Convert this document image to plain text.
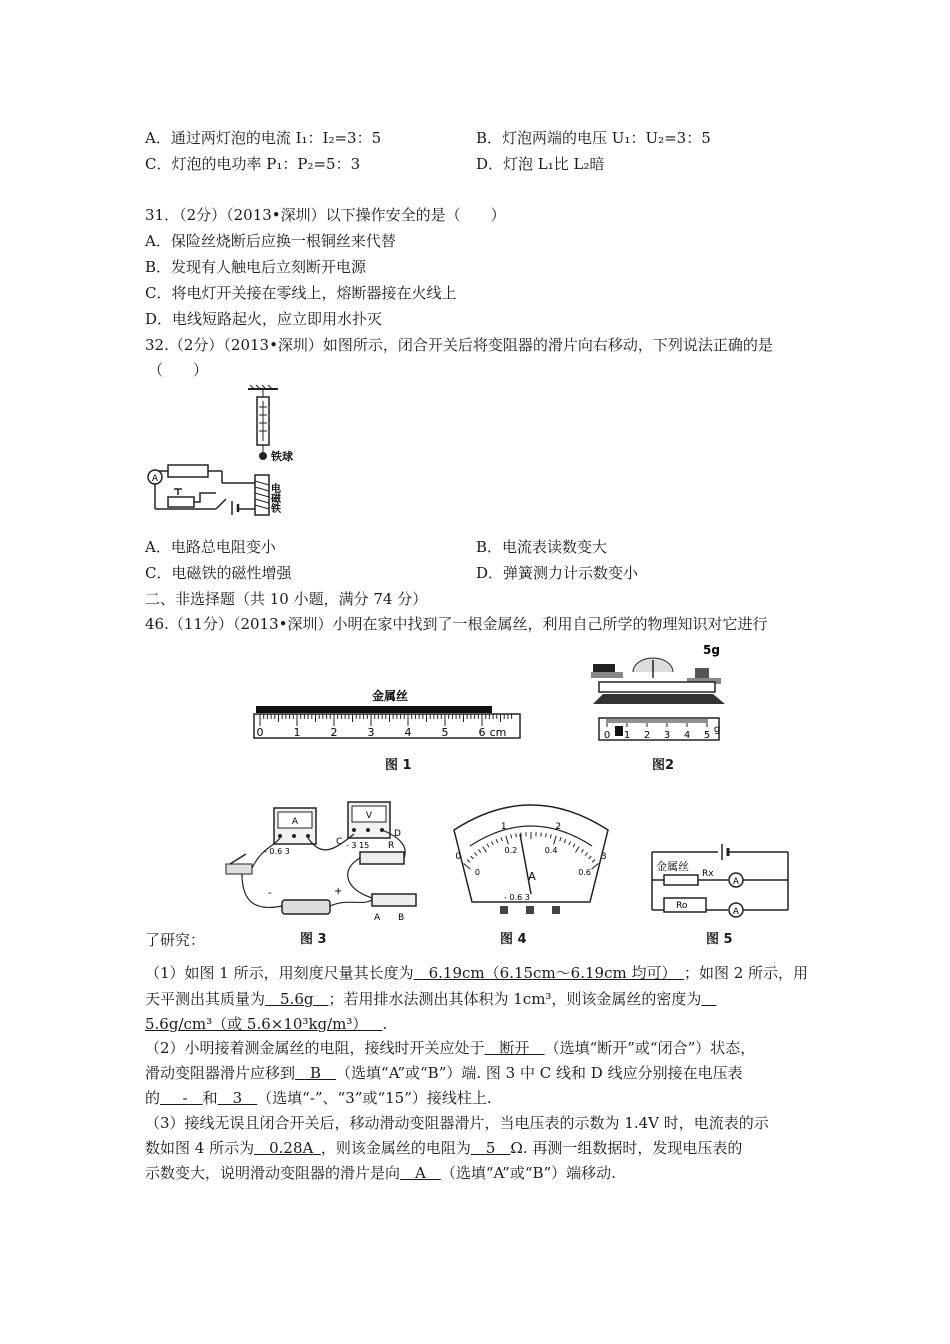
A．通过两灯泡的电流 I₁：I₂=3：5	B．灯泡两端的电压 U₁：U₂=3：5
C．灯泡的电功率 P₁：P₂=5：3	D．灯泡 L₁比 L₂暗
31．（2分）（2013•深圳）以下操作安全的是（　　）
A．保险丝烧断后应换一根铜丝来代替
B．发现有人触电后立刻断开电源
C．将电灯开关接在零线上，熔断器接在火线上
D．电线短路起火，应立即用水扑灭
32.（2分）（2013•深圳）如图所示，闭合开关后将变阻器的滑片向右移动，下列说法正确的是
（　　）
铁球
A
电磁铁
A．电路总电阻变小	B．电流表读数变大
C．电磁铁的磁性增强	D．弹簧测力计示数变小
二、非选择题（共 10 小题，满分 74 分）
46.（11分）（2013•深圳）小明在家中找到了一根金属丝，利用自己所学的物理知识对它进行
金属丝
0	1	2	3	4	5	6 cm
图 1
5g
0 1 2 3 4 5
g
图2
A
- 0.6 3
V
- 3 15
C
D
R
A B
-	+
图 3
0
1	2
3
0
0.2	0.4
0.6
A
- 0.6 3
图 4
金属丝
Rx
A
Ro
A
图 5
了研究：
（1）如图 1 所示，用刻度尺量其长度为   6.19cm（6.15cm～6.19cm 均可）  ；如图 2 所示，用
天平测出其质量为   5.6g   ；若用排水法测出其体积为 1cm³，则该金属丝的密度为  
5.6g/cm³（或 5.6×10³kg/m³）   .
（2）小明接着测金属丝的电阻，接线时开关应处于   断开   （选填“断开”或“闭合”）状态，
滑动变阻器滑片应移到   B   （选填“A”或“B”）端. 图 3 中 C 线和 D 线应分别接在电压表
的    -   和   3   （选填“-”、“3”或“15”）接线柱上.
（3）接线无误且闭合开关后，移动滑动变阻器滑片，当电压表的示数为 1.4V 时，电流表的示
数如图 4 所示为   0.28A  ，则该金属丝的电阻为   5   Ω. 再测一组数据时，发现电压表的
示数变大，说明滑动变阻器的滑片是向   A   （选填“A”或“B”）端移动.
